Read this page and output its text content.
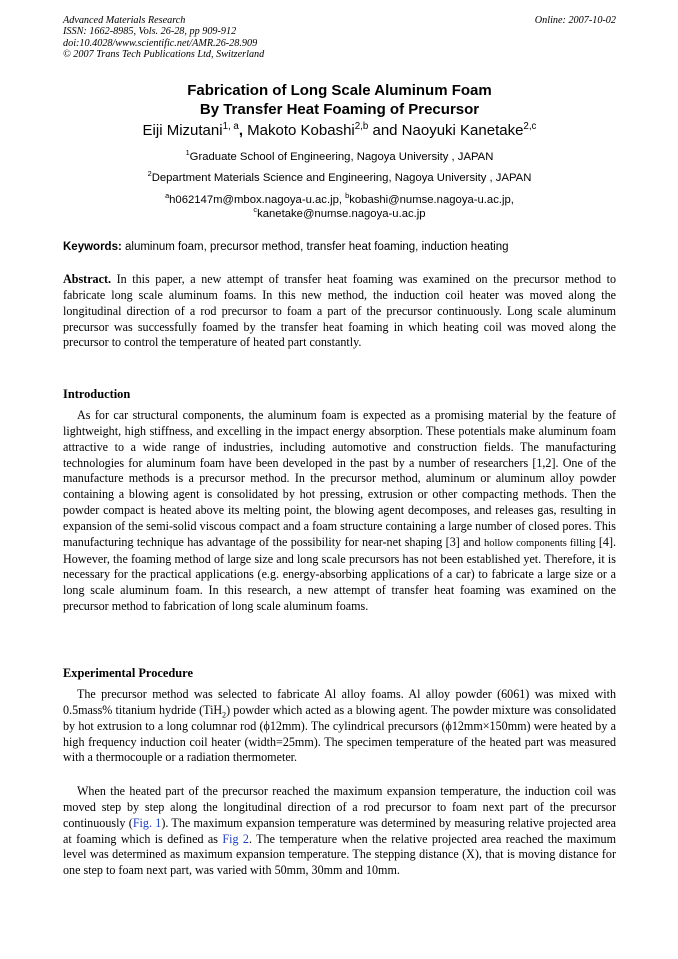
Advanced Materials Research
ISSN: 1662-8985, Vols. 26-28, pp 909-912
doi:10.4028/www.scientific.net/AMR.26-28.909
© 2007 Trans Tech Publications Ltd, Switzerland
Online: 2007-10-02
Fabrication of Long Scale Aluminum Foam
By Transfer Heat Foaming of Precursor
Eiji Mizutani$^{1, a}$, Makoto Kobashi$^{2,b}$ and Naoyuki Kanetake$^{2,c}$
$^1$Graduate School of Engineering, Nagoya University , JAPAN
$^2$Department Materials Science and Engineering, Nagoya University , JAPAN
$^a$h062147m@mbox.nagoya-u.ac.jp, $^b$kobashi@numse.nagoya-u.ac.jp,
$^c$kanetake@numse.nagoya-u.ac.jp
Keywords: aluminum foam, precursor method, transfer heat foaming, induction heating
Abstract. In this paper, a new attempt of transfer heat foaming was examined on the precursor method to fabricate long scale aluminum foams. In this new method, the induction coil heater was moved along the longitudinal direction of a rod precursor to foam a part of the precursor continuously. Long scale aluminum precursor was successfully foamed by the transfer heat foaming in which heating coil was moved along the precursor to control the temperature of heated part constantly.
Introduction
As for car structural components, the aluminum foam is expected as a promising material by the feature of lightweight, high stiffness, and excelling in the impact energy absorption. These potentials make aluminum foam attractive to a wide range of industries, including automotive and construction fields. The manufacturing technologies for aluminum foam have been developed in the past by a number of researchers [1,2]. One of the manufacture methods is a precursor method. In the precursor method, aluminum or aluminum alloy powder containing a blowing agent is consolidated by hot pressing, extrusion or other compacting methods. Then the powder compact is heated above its melting point, the blowing agent decomposes, and releases gas, resulting in expansion of the semi-solid viscous compact and a foam structure containing a large number of closed pores. This manufacturing technique has advantage of the possibility for near-net shaping [3] and hollow components filling [4]. However, the foaming method of large size and long scale precursors has not been established yet. Therefore, it is necessary for the practical applications (e.g. energy-absorbing applications of a car) to fabricate a large size or a long scale aluminum foam. In this research, a new attempt of transfer heat foaming was examined on the precursor method to fabrication of long scale aluminum foams.
Experimental Procedure
The precursor method was selected to fabricate Al alloy foams. Al alloy powder (6061) was mixed with 0.5mass% titanium hydride (TiH$_2$) powder which acted as a blowing agent. The powder mixture was consolidated by hot extrusion to a long columnar rod (ϕ12mm). The cylindrical precursors (ϕ12mm×150mm) were heated by a high frequency induction coil heater (width=25mm). The specimen temperature of the heated part was measured with a thermocouple or a radiation thermometer.
When the heated part of the precursor reached the maximum expansion temperature, the induction coil was moved step by step along the longitudinal direction of a rod precursor to foam next part of the precursor continuously (Fig. 1). The maximum expansion temperature was determined by measuring relative projected area at foaming which is defined as Fig 2. The temperature when the relative projected area reached the maximum level was determined as maximum expansion temperature. The stepping distance (X), that is moving distance for one step to foam next part, was varied with 50mm, 30mm and 10mm.
